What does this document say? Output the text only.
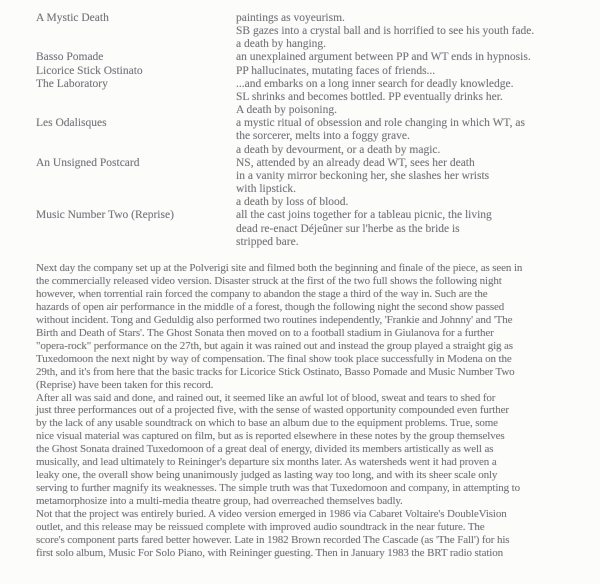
A Mystic Death	paintings as voyeurism.
SB gazes into a crystal ball and is horrified to see his youth fade.
a death by hanging.
Basso Pomade	an unexplained argument between PP and WT ends in hypnosis.
Licorice Stick Ostinato	PP hallucinates, mutating faces of friends...
The Laboratory	...and embarks on a long inner search for deadly knowledge.
SL shrinks and becomes bottled. PP eventually drinks her.
A death by poisoning.
Les Odalisques	a mystic ritual of obsession and role changing in which WT, as
the sorcerer, melts into a foggy grave.
a death by devourment, or a death by magic.
An Unsigned Postcard	NS, attended by an already dead WT, sees her death
in a vanity mirror beckoning her, she slashes her wrists
with lipstick.
a death by loss of blood.
Music Number Two (Reprise)	all the cast joins together for a tableau picnic, the living
dead re-enact Déjeûner sur l'herbe as the bride is
stripped bare.
Next day the company set up at the Polverigi site and filmed both the beginning and finale of the piece, as seen in
the commercially released video version. Disaster struck at the first of the two full shows the following night
however, when torrential rain forced the company to abandon the stage a third of the way in. Such are the
hazards of open air performance in the middle of a forest, though the following night the second show passed
without incident. Tong and Geduldig also performed two routines independently, 'Frankie and Johnny' and 'The
Birth and Death of Stars'. The Ghost Sonata then moved on to a football stadium in Giulanova for a further
"opera-rock" performance on the 27th, but again it was rained out and instead the group played a straight gig as
Tuxedomoon the next night by way of compensation. The final show took place successfully in Modena on the
29th, and it's from here that the basic tracks for Licorice Stick Ostinato, Basso Pomade and Music Number Two
(Reprise) have been taken for this record.
After all was said and done, and rained out, it seemed like an awful lot of blood, sweat and tears to shed for
just three performances out of a projected five, with the sense of wasted opportunity compounded even further
by the lack of any usable soundtrack on which to base an album due to the equipment problems. True, some
nice visual material was captured on film, but as is reported elsewhere in these notes by the group themselves
the Ghost Sonata drained Tuxedomoon of a great deal of energy, divided its members artistically as well as
musically, and lead ultimately to Reininger's departure six months later. As watersheds went it had proven a
leaky one, the overall show being unanimously judged as lasting way too long, and with its sheer scale only
serving to further magnify its weaknesses. The simple truth was that Tuxedomoon and company, in attempting to
metamorphosize into a multi-media theatre group, had overreached themselves badly.
Not that the project was entirely buried. A video version emerged in 1986 via Cabaret Voltaire's DoubleVision
outlet, and this release may be reissued complete with improved audio soundtrack in the near future. The
score's component parts fared better however. Late in 1982 Brown recorded The Cascade (as 'The Fall') for his
first solo album, Music For Solo Piano, with Reininger guesting. Then in January 1983 the BRT radio station
